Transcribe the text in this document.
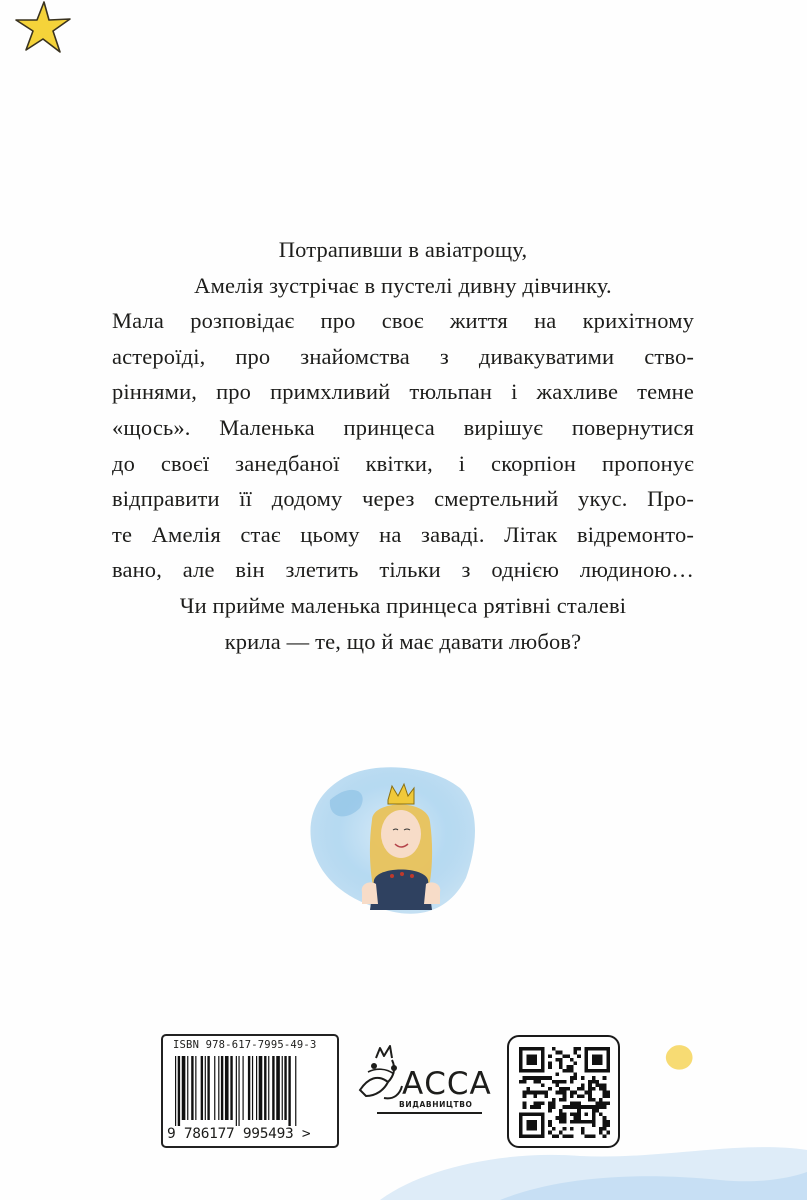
Потрапивши в авіатрощу,
Амелія зустрічає в пустелі дивну дівчинку.
Мала розповідає про своє життя на крихітному
астероїді, про знайомства з дивакуватими ство-
ріннями, про примхливий тюльпан і жахливе темне
«щось». Маленька принцеса вирішує повернутися
до своєї занедбаної квітки, і скорпіон пропонує
відправити її додому через смертельний укус. Про-
те Амелія стає цьому на заваді. Літак відремонто-
вано, але він злетить тільки з однією людиною…
Чи прийме маленька принцеса рятівні сталеві
крила — те, що й має давати любов?
ISBN 978-617-7995-49-3
9 786177 995493 >
АССА
ВИДАВНИЦТВО
